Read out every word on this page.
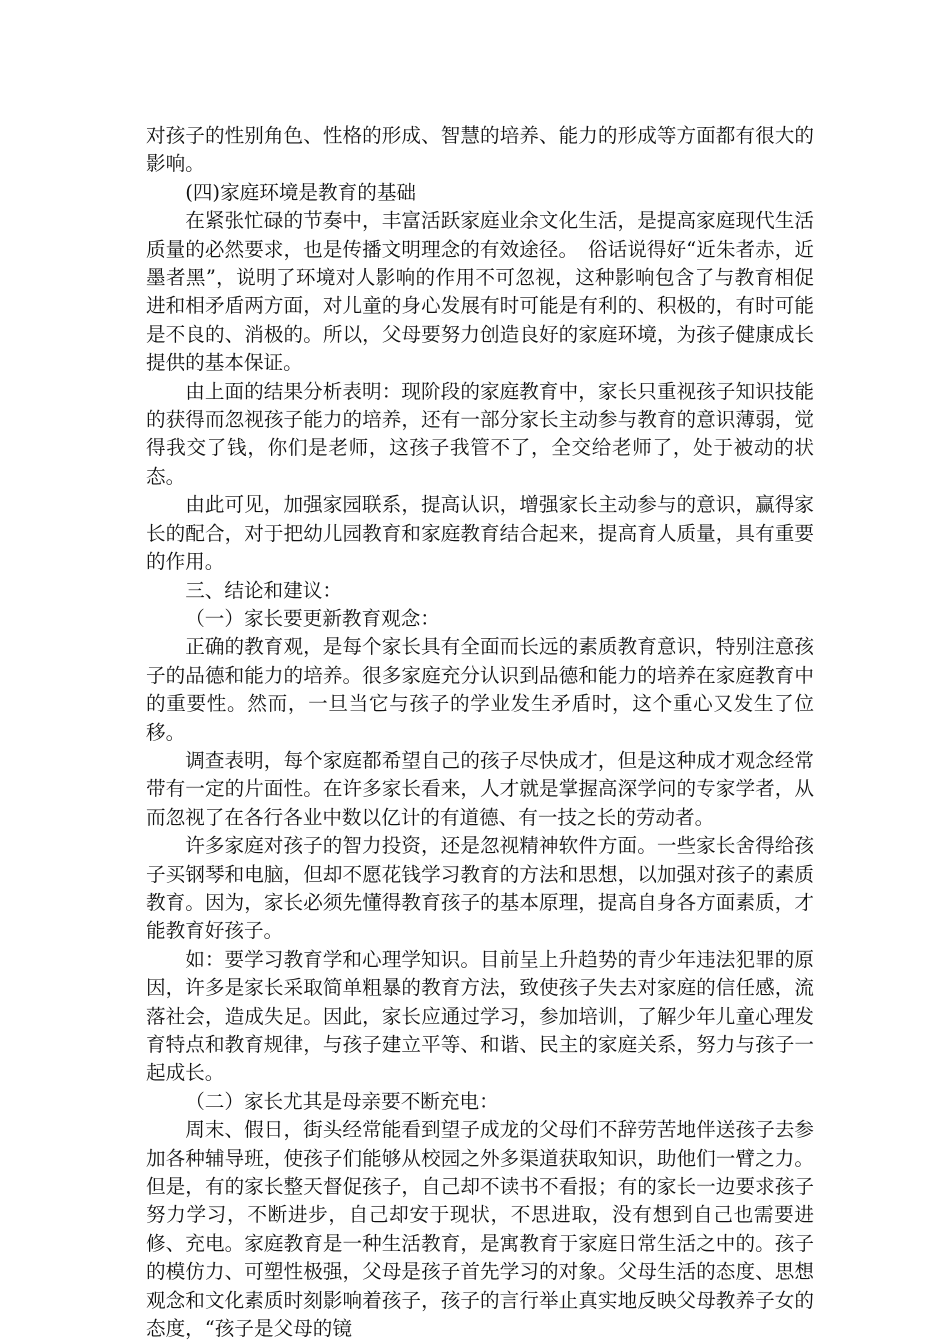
对孩子的性别角色、性格的形成、智慧的培养、能力的形成等方面都有很大的影响。

(四)家庭环境是教育的基础

在紧张忙碌的节奏中，丰富活跃家庭业余文化生活，是提高家庭现代生活质量的必然要求，也是传播文明理念的有效途径。　俗话说得好“近朱者赤，近墨者黑”，说明了环境对人影响的作用不可忽视，这种影响包含了与教育相促进和相矛盾两方面，对儿童的身心发展有时可能是有利的、积极的，有时可能是不良的、消极的。所以，父母要努力创造良好的家庭环境，为孩子健康成长提供的基本保证。

由上面的结果分析表明：现阶段的家庭教育中，家长只重视孩子知识技能的获得而忽视孩子能力的培养，还有一部分家长主动参与教育的意识薄弱，觉得我交了钱，你们是老师，这孩子我管不了，全交给老师了，处于被动的状态。

由此可见，加强家园联系，提高认识，增强家长主动参与的意识，赢得家长的配合，对于把幼儿园教育和家庭教育结合起来，提高育人质量，具有重要的作用。

三、结论和建议：

（一）家长要更新教育观念：

正确的教育观，是每个家长具有全面而长远的素质教育意识，特别注意孩子的品德和能力的培养。很多家庭充分认识到品德和能力的培养在家庭教育中的重要性。然而，一旦当它与孩子的学业发生矛盾时，这个重心又发生了位移。

调查表明，每个家庭都希望自己的孩子尽快成才，但是这种成才观念经常带有一定的片面性。在许多家长看来，人才就是掌握高深学问的专家学者，从而忽视了在各行各业中数以亿计的有道德、有一技之长的劳动者。

许多家庭对孩子的智力投资，还是忽视精神软件方面。一些家长舍得给孩子买钢琴和电脑，但却不愿花钱学习教育的方法和思想，以加强对孩子的素质教育。因为，家长必须先懂得教育孩子的基本原理，提高自身各方面素质，才能教育好孩子。

如：要学习教育学和心理学知识。目前呈上升趋势的青少年违法犯罪的原因，许多是家长采取简单粗暴的教育方法，致使孩子失去对家庭的信任感，流落社会，造成失足。因此，家长应通过学习，参加培训，了解少年儿童心理发育特点和教育规律，与孩子建立平等、和谐、民主的家庭关系，努力与孩子一起成长。

（二）家长尤其是母亲要不断充电：

周末、假日，街头经常能看到望子成龙的父母们不辞劳苦地伴送孩子去参加各种辅导班，使孩子们能够从校园之外多渠道获取知识，助他们一臂之力。但是，有的家长整天督促孩子，自己却不读书不看报；有的家长一边要求孩子努力学习，不断进步，自己却安于现状，不思进取，没有想到自己也需要进修、充电。家庭教育是一种生活教育，是寓教育于家庭日常生活之中的。孩子的模仿力、可塑性极强，父母是孩子首先学习的对象。父母生活的态度、思想观念和文化素质时刻影响着孩子，孩子的言行举止真实地反映父母教养子女的态度，“孩子是父母的镜
